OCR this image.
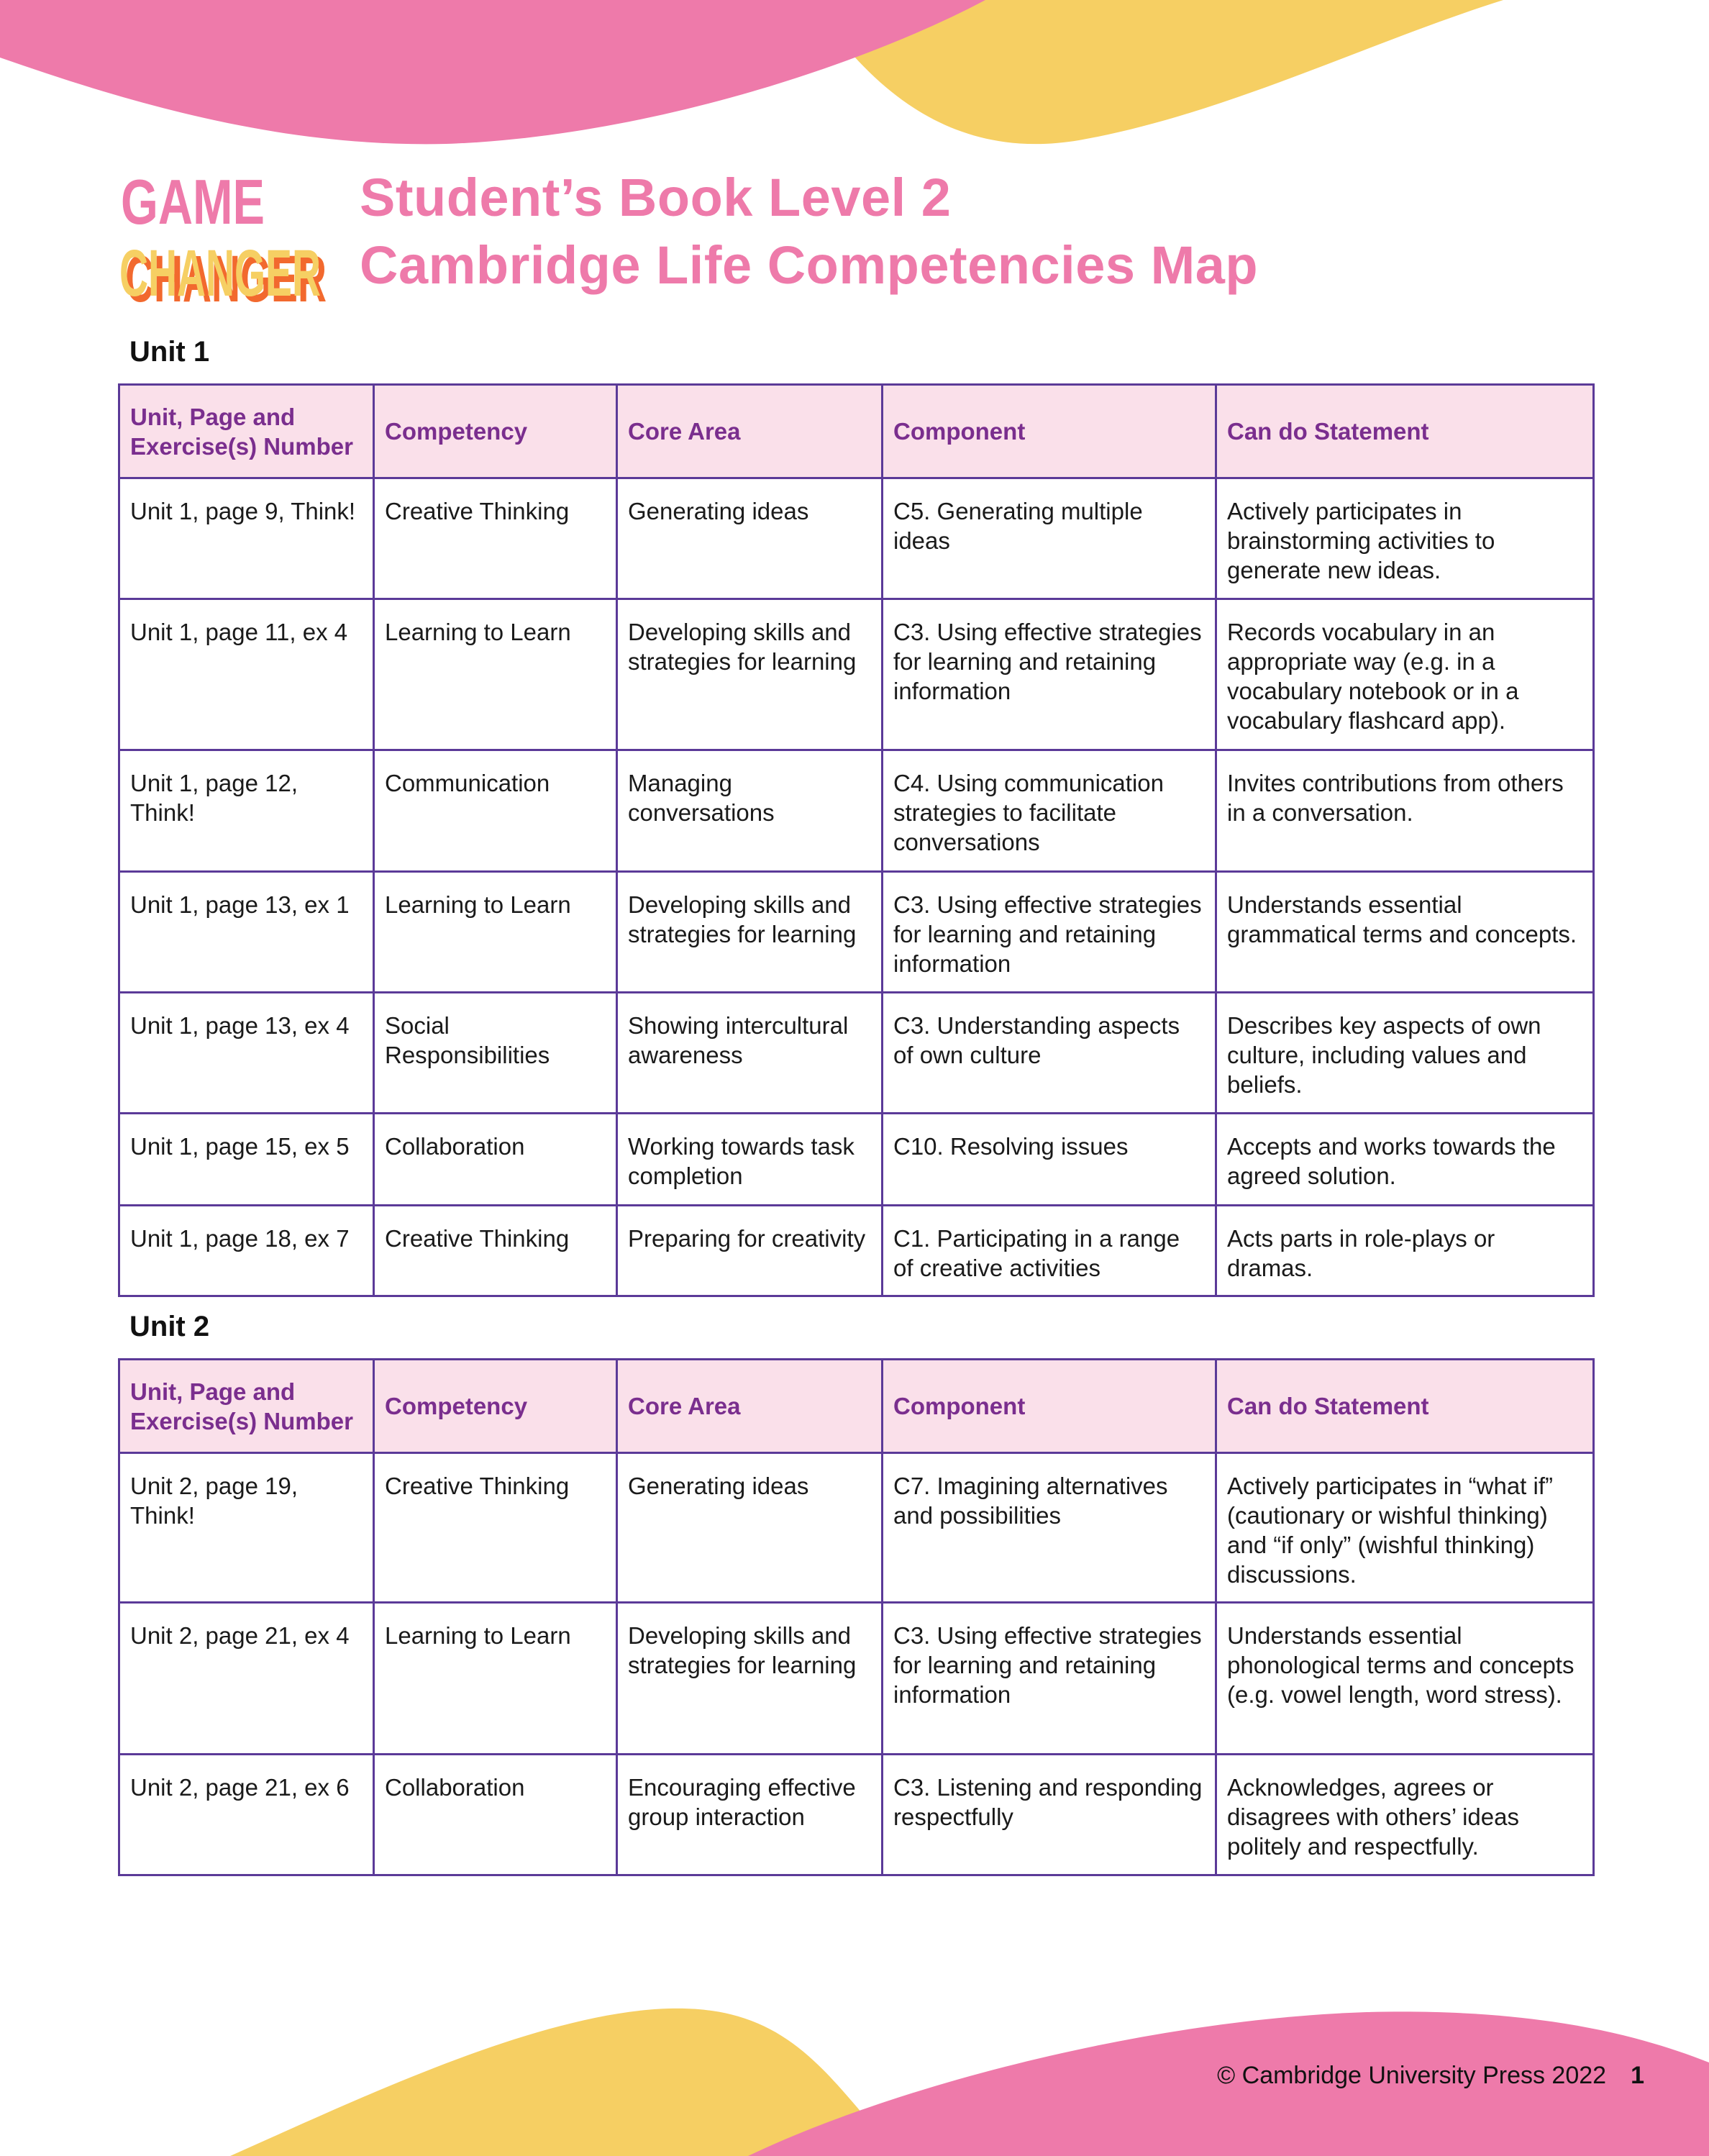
GAME
CHANGER
Student’s Book Level 2
Cambridge Life Competencies Map
Unit 1
Unit, Page and Exercise(s) Number	Competency	Core Area	Component	Can do Statement
Unit 1, page 9, Think!	Creative Thinking	Generating ideas	C5. Generating multiple ideas	Actively participates in brainstorming activities to generate new ideas.
Unit 1, page 11, ex 4	Learning to Learn	Developing skills and strategies for learning	C3. Using effective strategies for learning and retaining information	Records vocabulary in an appropriate way (e.g. in a vocabulary notebook or in a vocabulary flashcard app).
Unit 1, page 12, Think!	Communication	Managing conversations	C4. Using communication strategies to facilitate conversations	Invites contributions from others in a conversation.
Unit 1, page 13, ex 1	Learning to Learn	Developing skills and strategies for learning	C3. Using effective strategies for learning and retaining information	Understands essential grammatical terms and concepts.
Unit 1, page 13, ex 4	Social Responsibilities	Showing intercultural awareness	C3. Understanding aspects of own culture	Describes key aspects of own culture, including values and beliefs.
Unit 1, page 15, ex 5	Collaboration	Working towards task completion	C10. Resolving issues	Accepts and works towards the agreed solution.
Unit 1, page 18, ex 7	Creative Thinking	Preparing for creativity	C1. Participating in a range of creative activities	Acts parts in role-plays or dramas.
Unit 2
Unit, Page and Exercise(s) Number	Competency	Core Area	Component	Can do Statement
Unit 2, page 19, Think!	Creative Thinking	Generating ideas	C7. Imagining alternatives and possibilities	Actively participates in “what if” (cautionary or wishful thinking) and “if only” (wishful thinking) discussions.
Unit 2, page 21, ex 4	Learning to Learn	Developing skills and strategies for learning	C3. Using effective strategies for learning and retaining information	Understands essential phonological terms and concepts (e.g. vowel length, word stress).
Unit 2, page 21, ex 6	Collaboration	Encouraging effective group interaction	C3. Listening and responding respectfully	Acknowledges, agrees or disagrees with others’ ideas politely and respectfully.
© Cambridge University Press 2022 1
